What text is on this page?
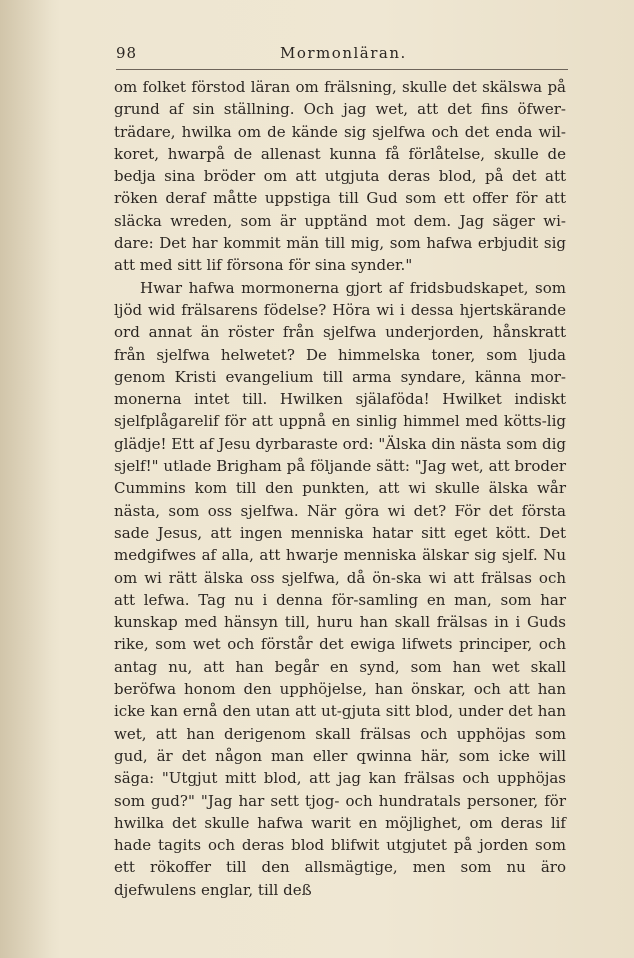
98	Mormonläran.

om folket förstod läran om frälsning, skulle det skälswa på grund af sin ställning. Och jag wet, att det fins öfwer-trädare, hwilka om de kände sig sjelfwa och det enda wil-koret, hwarpå de allenast kunna få förlåtelse, skulle de bedja sina bröder om att utgjuta deras blod, på det att röken deraf måtte uppstiga till Gud som ett offer för att släcka wreden, som är upptänd mot dem. Jag säger wi-dare: Det har kommit män till mig, som hafwa erbjudit sig att med sitt lif försona för sina synder."

Hwar hafwa mormonerna gjort af fridsbudskapet, som ljöd wid frälsarens födelse? Höra wi i dessa hjertskärande ord annat än röster från sjelfwa underjorden, hånskratt från sjelfwa helwetet? De himmelska toner, som ljuda genom Kristi evangelium till arma syndare, känna mor-monerna intet till. Hwilken själaföda! Hwilket indiskt sjelfplågarelif för att uppnå en sinlig himmel med kötts-lig glädje! Ett af Jesu dyrbaraste ord: "Älska din nästa som dig sjelf!" utlade Brigham på följande sätt: "Jag wet, att broder Cummins kom till den punkten, att wi skulle älska wår nästa, som oss sjelfwa. När göra wi det? För det första sade Jesus, att ingen menniska hatar sitt eget kött. Det medgifwes af alla, att hwarje menniska älskar sig sjelf. Nu om wi rätt älska oss sjelfwa, då ön-ska wi att frälsas och att lefwa. Tag nu i denna för-samling en man, som har kunskap med hänsyn till, huru han skall frälsas in i Guds rike, som wet och förstår det ewiga lifwets principer, och antag nu, att han begår en synd, som han wet skall beröfwa honom den upphöjelse, han önskar, och att han icke kan ernå den utan att ut-gjuta sitt blod, under det han wet, att han derigenom skall frälsas och upphöjas som gud, är det någon man eller qwinna här, som icke will säga: "Utgjut mitt blod, att jag kan frälsas och upphöjas som gud?" "Jag har sett tjog- och hundratals personer, för hwilka det skulle hafwa warit en möjlighet, om deras lif hade tagits och deras blod blifwit utgjutet på jorden som ett rökoffer till den allsmägtige, men som nu äro djefwulens englar, till deß
